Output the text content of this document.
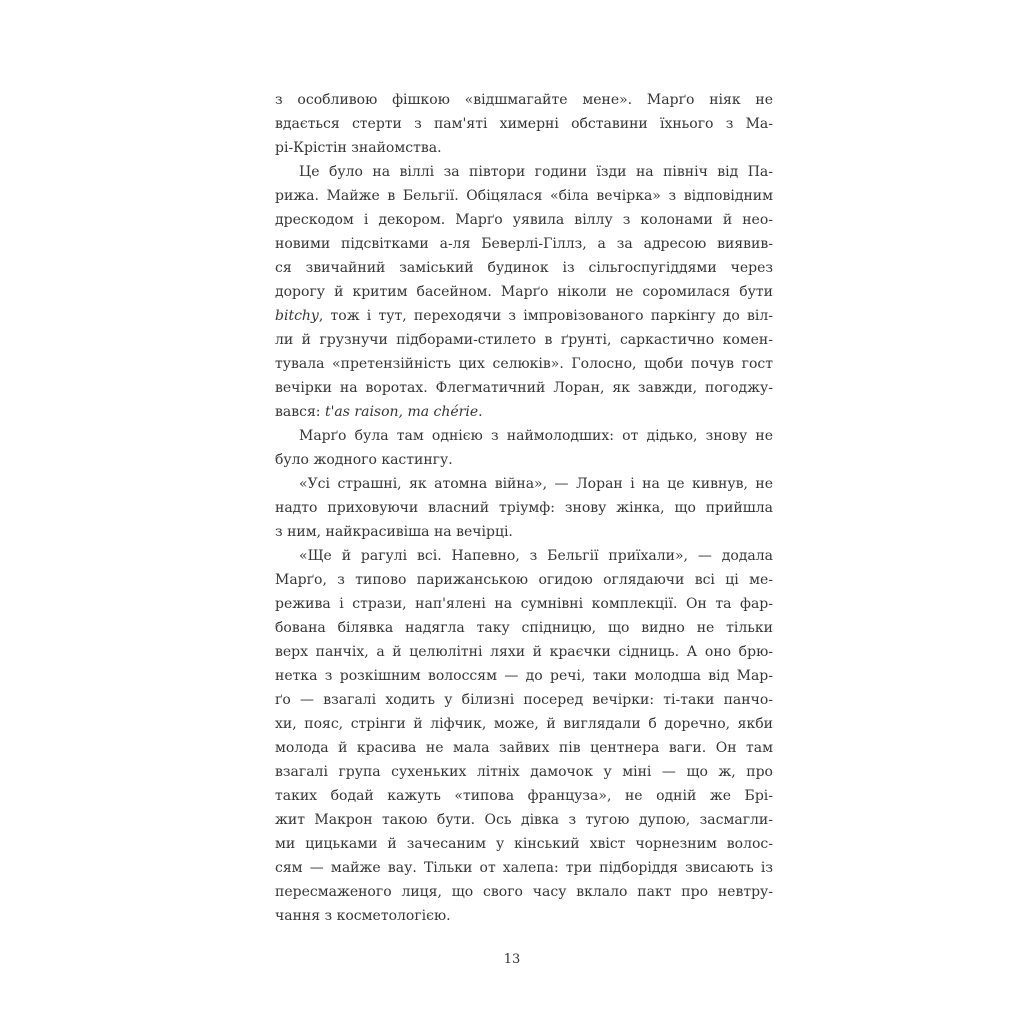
з особливою фішкою «відшмагайте мене». Марґо ніяк не
вдається стерти з пам'яті химерні обставини їхнього з Ма-
рі-Крістін знайомства.
Це було на віллі за півтори години їзди на північ від Па-
рижа. Майже в Бельгії. Обіцялася «біла вечірка» з відповідним
дрескодом і декором. Марґо уявила віллу з колонами й нео-
новими підсвітками а-ля Беверлі-Гіллз, а за адресою виявив-
ся звичайний заміський будинок із сільгоспугіддями через
дорогу й критим басейном. Марґо ніколи не соромилася бути
bitchy, тож і тут, переходячи з імпровізованого паркінгу до віл-
ли й грузнучи підборами-стилето в ґрунті, саркастично комен-
тувала «претензійність цих селюків». Голосно, щоби почув гост
вечірки на воротах. Флегматичний Лоран, як завжди, погоджу-
вався: t'as raison, ma chérie.
Марґо була там однією з наймолодших: от дідько, знову не
було жодного кастингу.
«Усі страшні, як атомна війна», — Лоран і на це кивнув, не
надто приховуючи власний тріумф: знову жінка, що прийшла
з ним, найкрасивіша на вечірці.
«Ще й рагулі всі. Напевно, з Бельгії приїхали», — додала
Марґо, з типово парижанською огидою оглядаючи всі ці ме-
режива і стрази, нап'ялені на сумнівні комплекції. Он та фар-
бована білявка надягла таку спідницю, що видно не тільки
верх панчіх, а й целюлітні ляхи й краєчки сідниць. А оно брю-
нетка з розкішним волоссям — до речі, таки молодша від Мар-
ґо — взагалі ходить у білизні посеред вечірки: ті-таки панчо-
хи, пояс, стрінги й ліфчик, може, й виглядали б доречно, якби
молода й красива не мала зайвих пів центнера ваги. Он там
взагалі група сухеньких літніх дамочок у міні — що ж, про
таких бодай кажуть «типова француза», не одній же Брі-
жит Макрон такою бути. Ось дівка з тугою дупою, засмагли-
ми цицьками й зачесаним у кінський хвіст чорнезним волос-
сям — майже вау. Тільки от халепа: три підборіддя звисають із
пересмаженого лиця, що свого часу вклало пакт про невтру-
чання з косметологією.
13
